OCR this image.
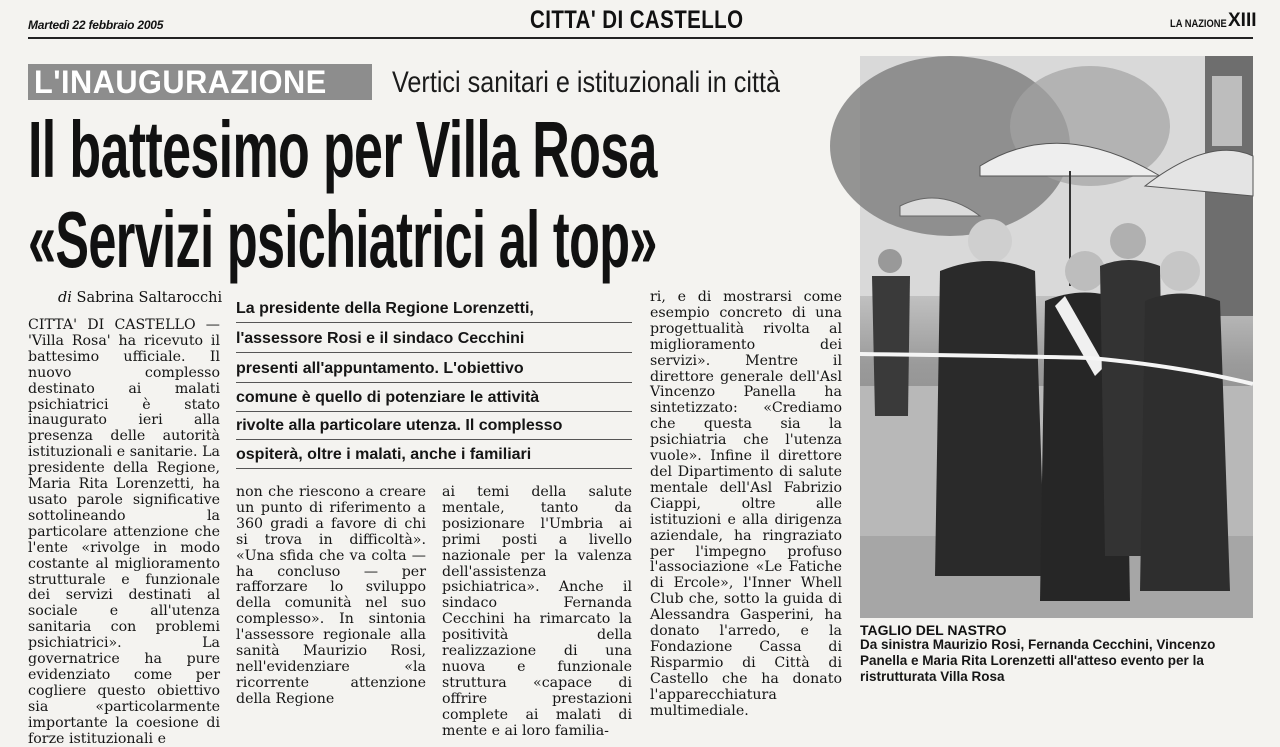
Martedì 22 febbraio 2005	CITTA' DI CASTELLO	LA NAZIONE XIII
L'INAUGURAZIONE Vertici sanitari e istituzionali in città
Il battesimo per Villa Rosa
«Servizi psichiatrici al top»
di Sabrina Saltarocchi
CITTA' DI CASTELLO — 'Villa Rosa' ha ricevuto il battesimo ufficiale. Il nuovo complesso destinato ai malati psichiatrici è stato inaugurato ieri alla presenza delle autorità istituzionali e sanitarie. La presidente della Regione, Maria Rita Lorenzetti, ha usato parole significative sottolineando la particolare attenzione che l'ente «rivolge in modo costante al miglioramento strutturale e funzionale dei servizi destinati al sociale e all'utenza sanitaria con problemi psichiatrici». La governatrice ha pure evidenziato come per cogliere questo obiettivo sia «particolarmente importante la coesione di forze istituzionali e
La presidente della Regione Lorenzetti,
l'assessore Rosi e il sindaco Cecchini
presenti all'appuntamento. L'obiettivo
comune è quello di potenziare le attività
rivolte alla particolare utenza. Il complesso
ospiterà, oltre i malati, anche i familiari
non che riescono a creare un punto di riferimento a 360 gradi a favore di chi si trova in difficoltà». «Una sfida che va colta — ha concluso — per rafforzare lo sviluppo della comunità nel suo complesso». In sintonia l'assessore regionale alla sanità Maurizio Rosi, nell'evidenziare «la ricorrente attenzione della Regione
ai temi della salute mentale, tanto da posizionare l'Umbria ai primi posti a livello nazionale per la valenza dell'assistenza psichiatrica». Anche il sindaco Fernanda Cecchini ha rimarcato la positività della realizzazione di una nuova e funzionale struttura «capace di offrire prestazioni complete ai malati di mente e ai loro familia-
ri, e di mostrarsi come esempio concreto di una progettualità rivolta al miglioramento dei servizi». Mentre il direttore generale dell'Asl Vincenzo Panella ha sintetizzato: «Crediamo che questa sia la psichiatria che l'utenza vuole». Infine il direttore del Dipartimento di salute mentale dell'Asl Fabrizio Ciappi, oltre alle istituzioni e alla dirigenza aziendale, ha ringraziato per l'impegno profuso l'associazione «Le Fatiche di Ercole», l'Inner Whell Club che, sotto la guida di Alessandra Gasperini, ha donato l'arredo, e la Fondazione Cassa di Risparmio di Città di Castello che ha donato l'apparecchiatura multimediale.
TAGLIO DEL NASTRO
Da sinistra Maurizio Rosi, Fernanda Cecchini, Vincenzo Panella e Maria Rita Lorenzetti all'atteso evento per la ristrutturata Villa Rosa
